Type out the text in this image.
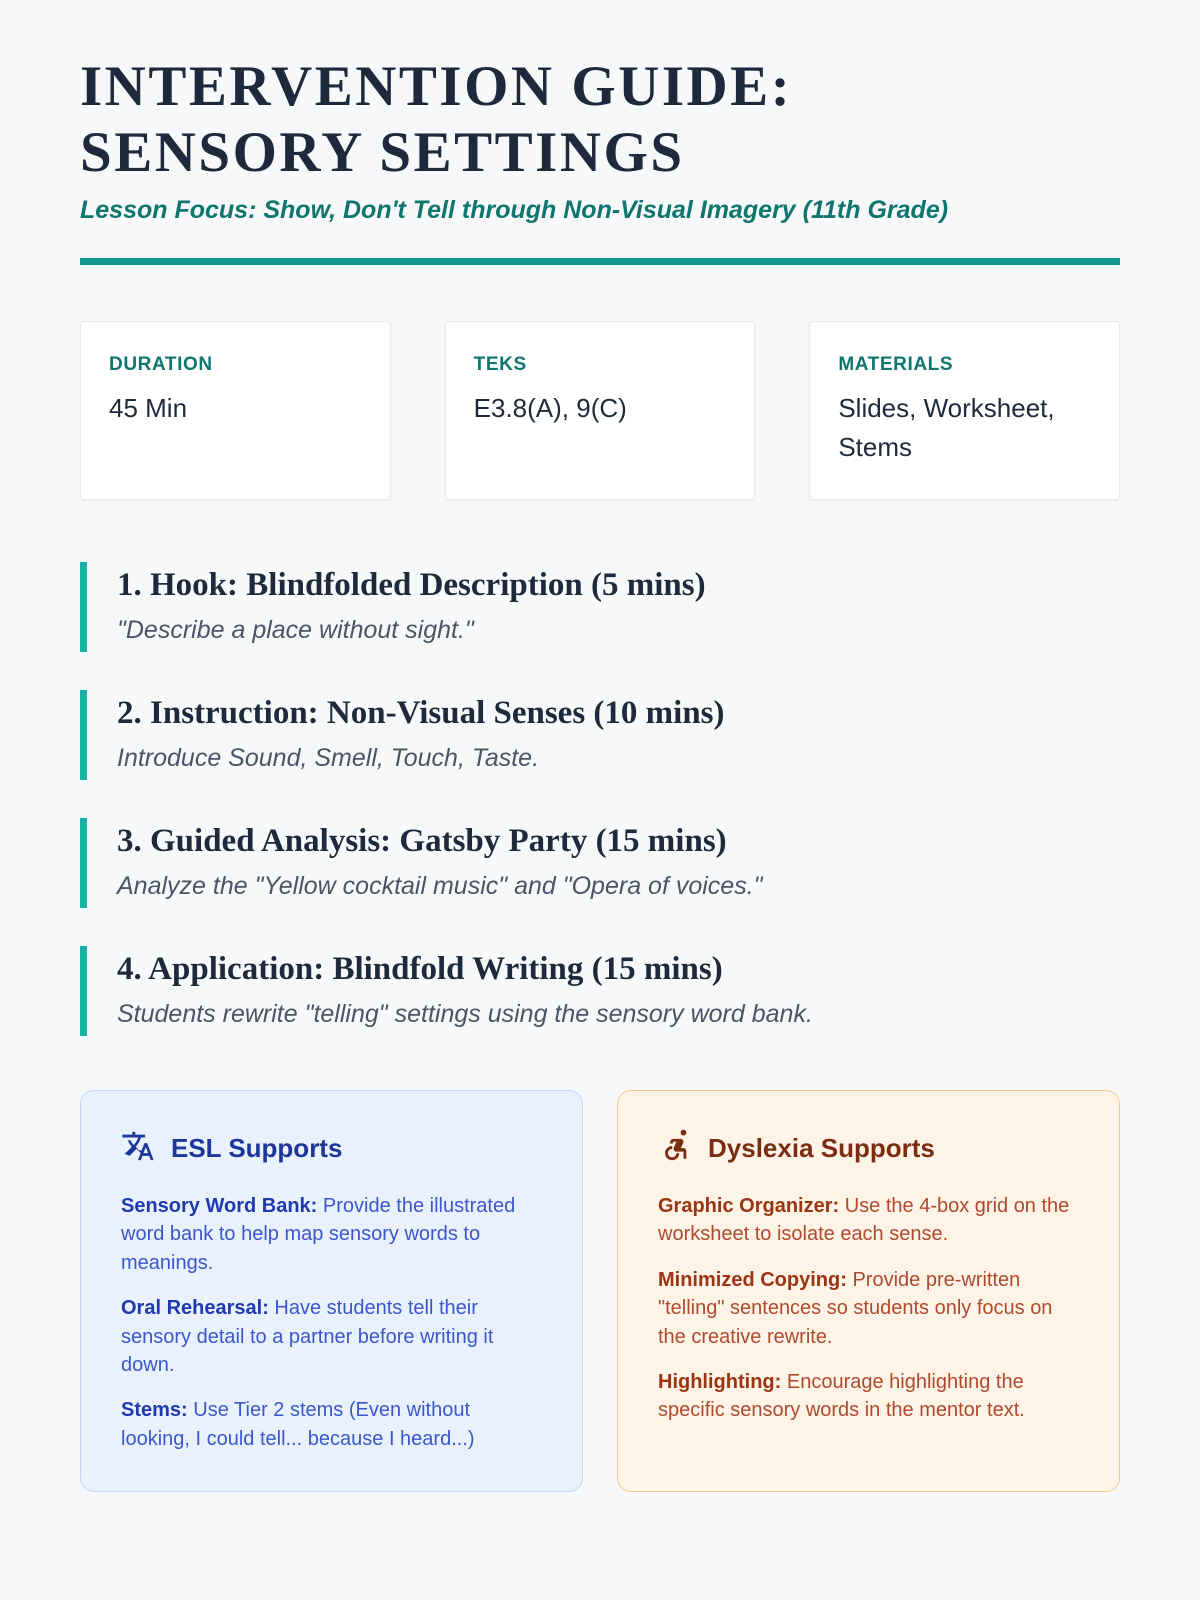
INTERVENTION GUIDE:
SENSORY SETTINGS

Lesson Focus: Show, Don't Tell through Non-Visual Imagery (11th Grade)

DURATION

45 Min

TEKS

E3.8(A), 9(C)

MATERIALS

Slides, Worksheet, Stems

1. Hook: Blindfolded Description (5 mins)

"Describe a place without sight."

2. Instruction: Non-Visual Senses (10 mins)

Introduce Sound, Smell, Touch, Taste.

3. Guided Analysis: Gatsby Party (15 mins)

Analyze the "Yellow cocktail music" and "Opera of voices."

4. Application: Blindfold Writing (15 mins)

Students rewrite "telling" settings using the sensory word bank.

ESL Supports

Sensory Word Bank: Provide the illustrated word bank to help map sensory words to meanings.

Oral Rehearsal: Have students tell their sensory detail to a partner before writing it down.

Stems: Use Tier 2 stems (Even without looking, I could tell... because I heard...)

Dyslexia Supports

Graphic Organizer: Use the 4-box grid on the worksheet to isolate each sense.

Minimized Copying: Provide pre-written "telling" sentences so students only focus on the creative rewrite.

Highlighting: Encourage highlighting the specific sensory words in the mentor text.
